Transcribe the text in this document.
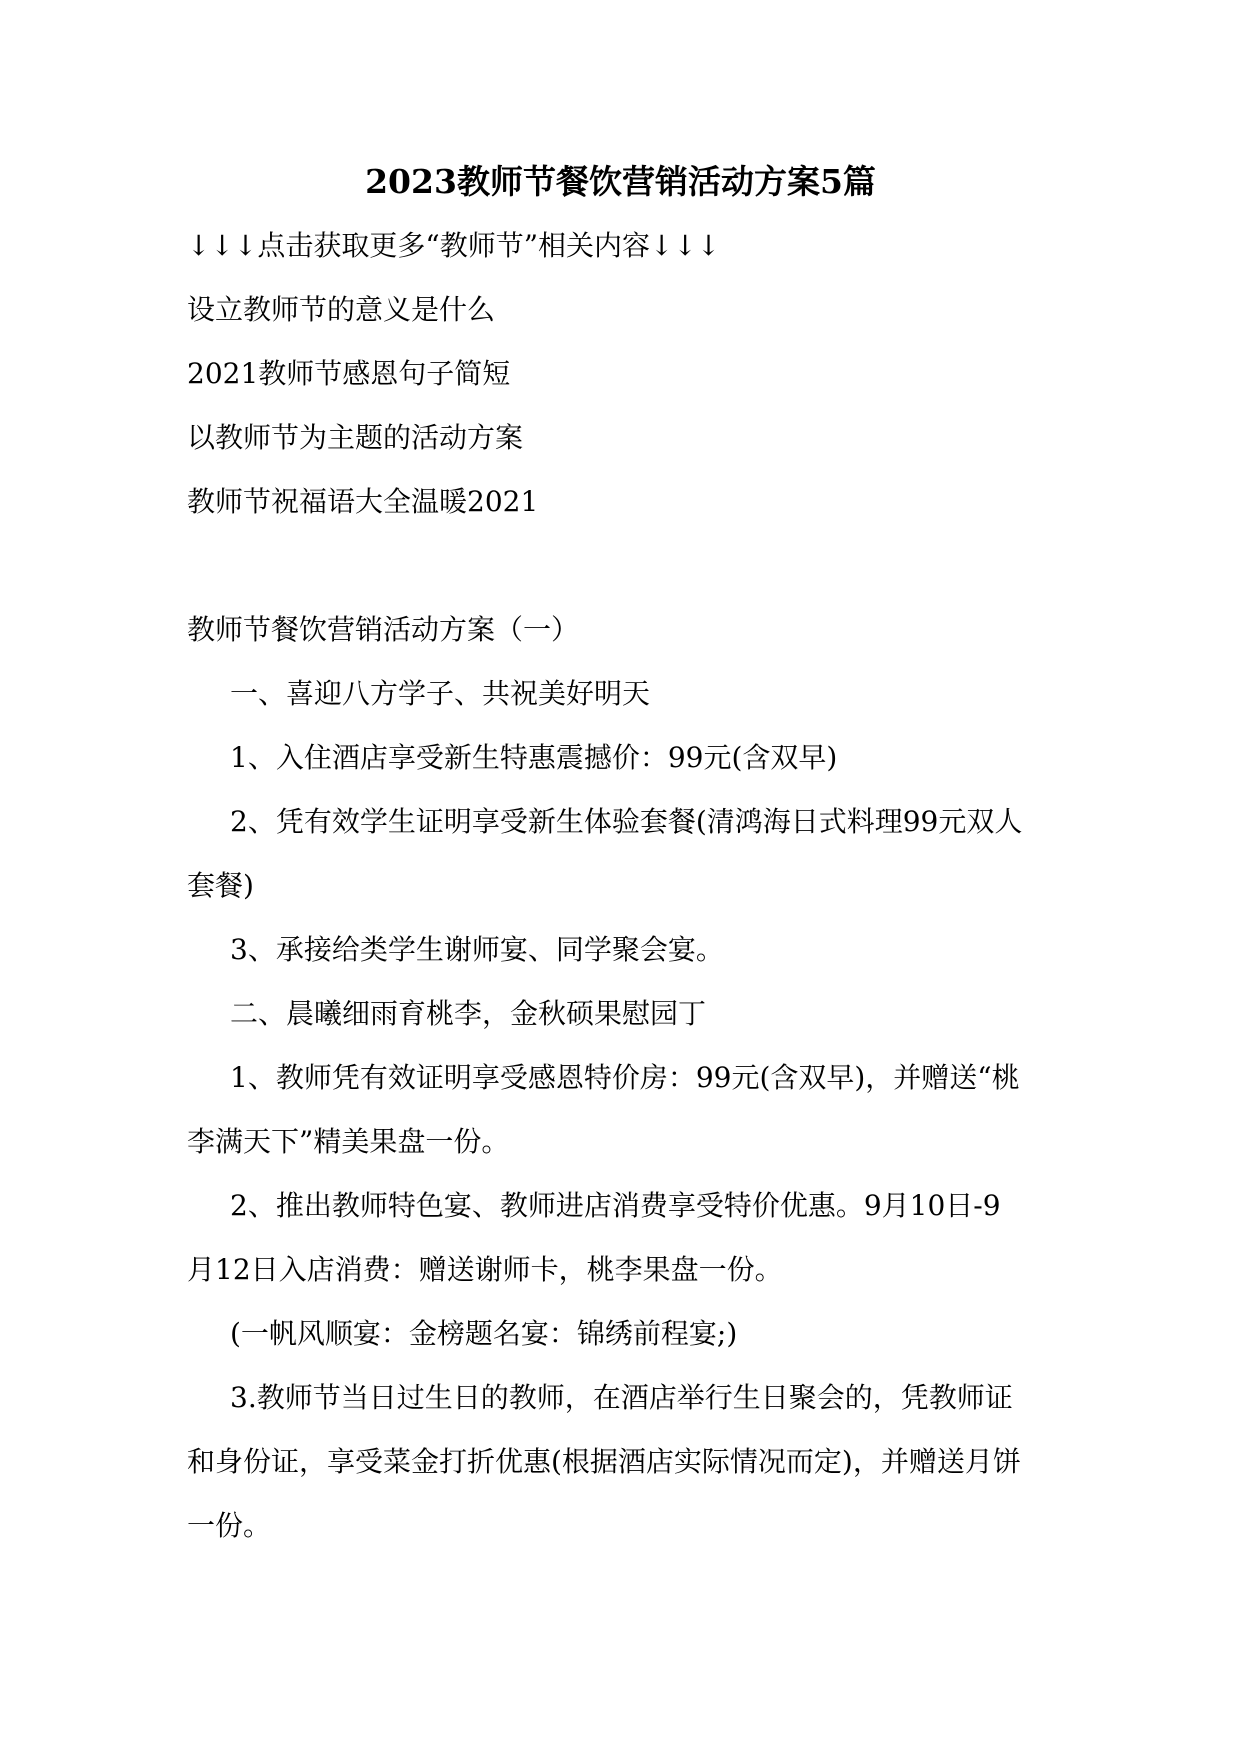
2023教师节餐饮营销活动方案5篇
↓↓↓点击获取更多“教师节”相关内容↓↓↓
设立教师节的意义是什么
2021教师节感恩句子简短
以教师节为主题的活动方案
教师节祝福语大全温暖2021
教师节餐饮营销活动方案（一）
一、喜迎八方学子、共祝美好明天
1、入住酒店享受新生特惠震撼价：99元(含双早)
2、凭有效学生证明享受新生体验套餐(清鸿海日式料理99元双人
套餐)
3、承接给类学生谢师宴、同学聚会宴。
二、晨曦细雨育桃李，金秋硕果慰园丁
1、教师凭有效证明享受感恩特价房：99元(含双早)，并赠送“桃
李满天下”精美果盘一份。
2、推出教师特色宴、教师进店消费享受特价优惠。9月10日-9
月12日入店消费：赠送谢师卡，桃李果盘一份。
(一帆风顺宴：金榜题名宴：锦绣前程宴;)
3.教师节当日过生日的教师，在酒店举行生日聚会的，凭教师证
和身份证，享受菜金打折优惠(根据酒店实际情况而定)，并赠送月饼
一份。
